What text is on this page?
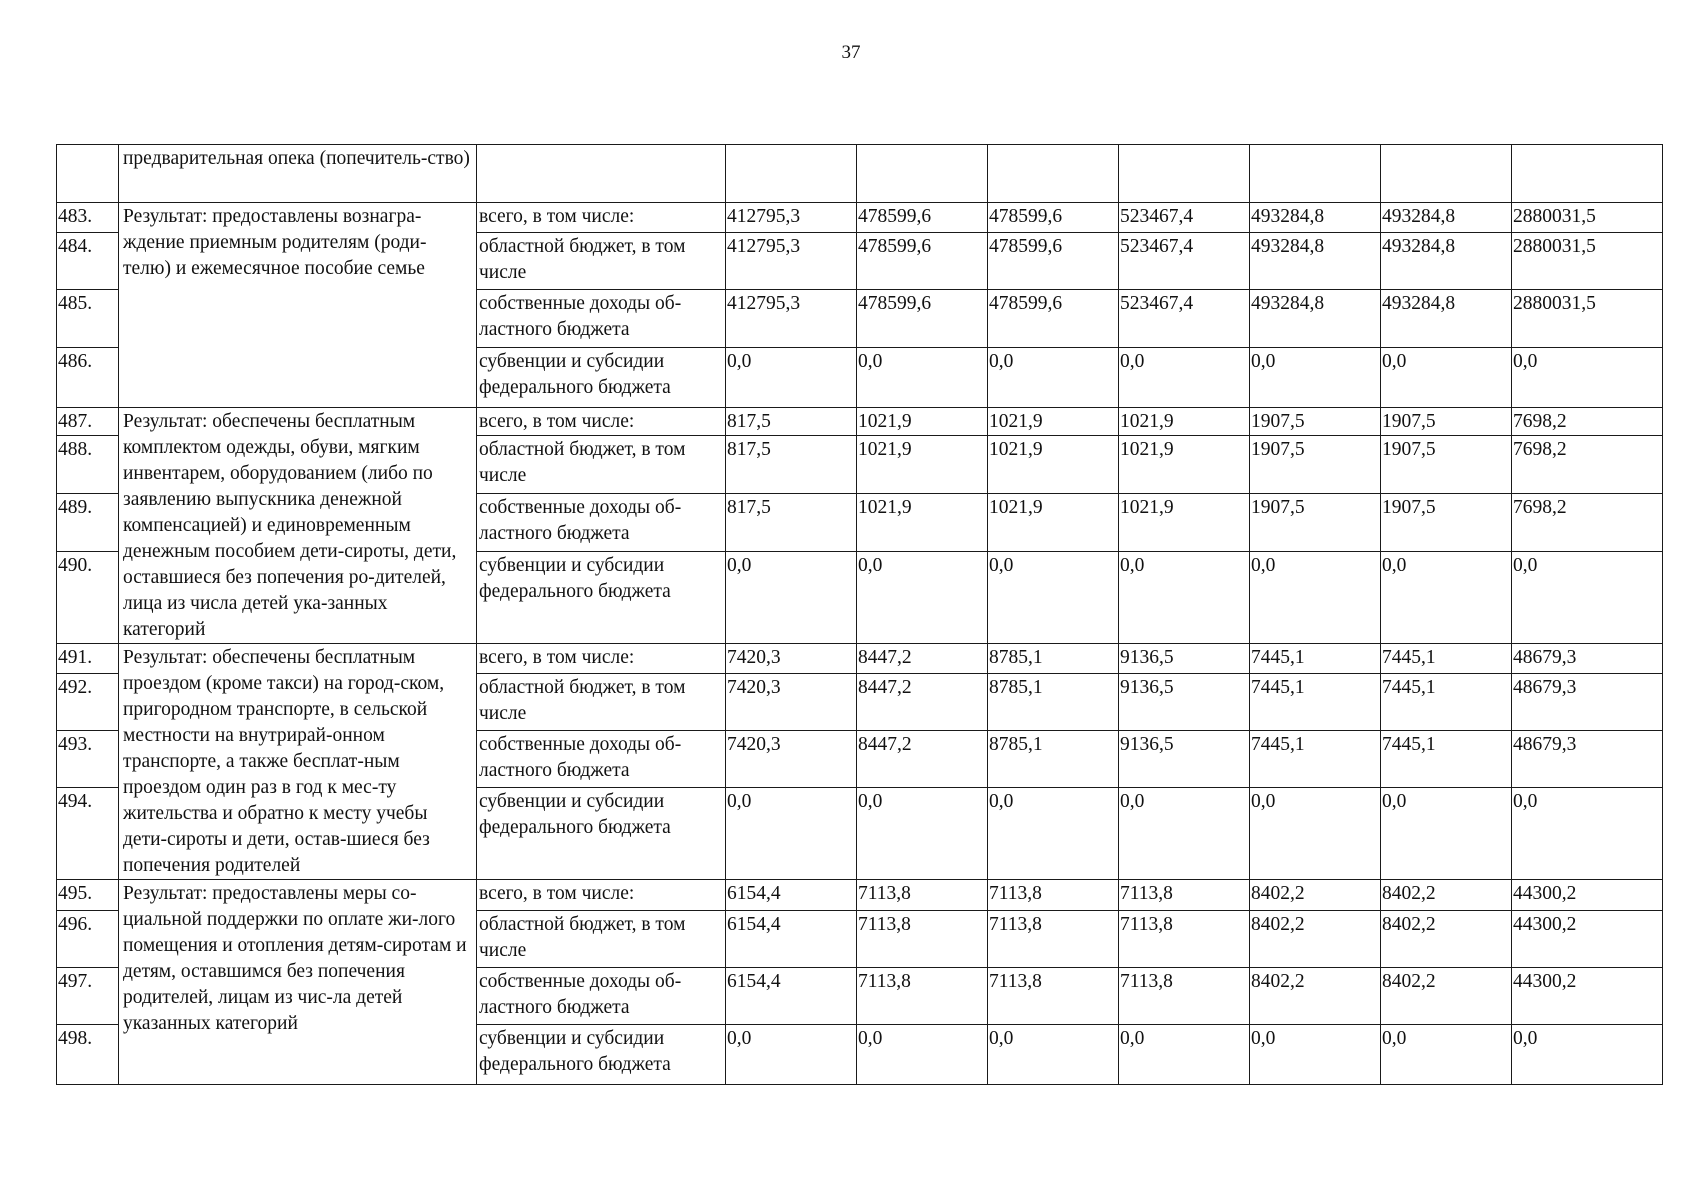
37
	предварительная опека (попечитель-ство)								
483.	Результат: предоставлены вознагра-ждение приемным родителям (роди-телю) и ежемесячное пособие семье	всего, в том числе:	412795,3	478599,6	478599,6	523467,4	493284,8	493284,8	2880031,5
484.		областной бюджет, в том числе	412795,3	478599,6	478599,6	523467,4	493284,8	493284,8	2880031,5
485.		собственные доходы об-ластного бюджета	412795,3	478599,6	478599,6	523467,4	493284,8	493284,8	2880031,5
486.		субвенции и субсидии федерального бюджета	0,0	0,0	0,0	0,0	0,0	0,0	0,0
487.	Результат: обеспечены бесплатным комплектом одежды, обуви, мягким инвентарем, оборудованием (либо по заявлению выпускника денежной компенсацией) и единовременным денежным пособием дети-сироты, дети, оставшиеся без попечения ро-дителей, лица из числа детей ука-занных категорий	всего, в том числе:	817,5	1021,9	1021,9	1021,9	1907,5	1907,5	7698,2
488.		областной бюджет, в том числе	817,5	1021,9	1021,9	1021,9	1907,5	1907,5	7698,2
489.		собственные доходы об-ластного бюджета	817,5	1021,9	1021,9	1021,9	1907,5	1907,5	7698,2
490.		субвенции и субсидии федерального бюджета	0,0	0,0	0,0	0,0	0,0	0,0	0,0
491.	Результат: обеспечены бесплатным проездом (кроме такси) на город-ском, пригородном транспорте, в сельской местности на внутрирай-онном транспорте, а также бесплат-ным проездом один раз в год к мес-ту жительства и обратно к месту учебы дети-сироты и дети, остав-шиеся без попечения родителей	всего, в том числе:	7420,3	8447,2	8785,1	9136,5	7445,1	7445,1	48679,3
492.		областной бюджет, в том числе	7420,3	8447,2	8785,1	9136,5	7445,1	7445,1	48679,3
493.		собственные доходы об-ластного бюджета	7420,3	8447,2	8785,1	9136,5	7445,1	7445,1	48679,3
494.		субвенции и субсидии федерального бюджета	0,0	0,0	0,0	0,0	0,0	0,0	0,0
495.	Результат: предоставлены меры со-циальной поддержки по оплате жи-лого помещения и отопления детям-сиротам и детям, оставшимся без попечения родителей, лицам из чис-ла детей указанных категорий	всего, в том числе:	6154,4	7113,8	7113,8	7113,8	8402,2	8402,2	44300,2
496.		областной бюджет, в том числе	6154,4	7113,8	7113,8	7113,8	8402,2	8402,2	44300,2
497.		собственные доходы об-ластного бюджета	6154,4	7113,8	7113,8	7113,8	8402,2	8402,2	44300,2
498.		субвенции и субсидии федерального бюджета	0,0	0,0	0,0	0,0	0,0	0,0	0,0
